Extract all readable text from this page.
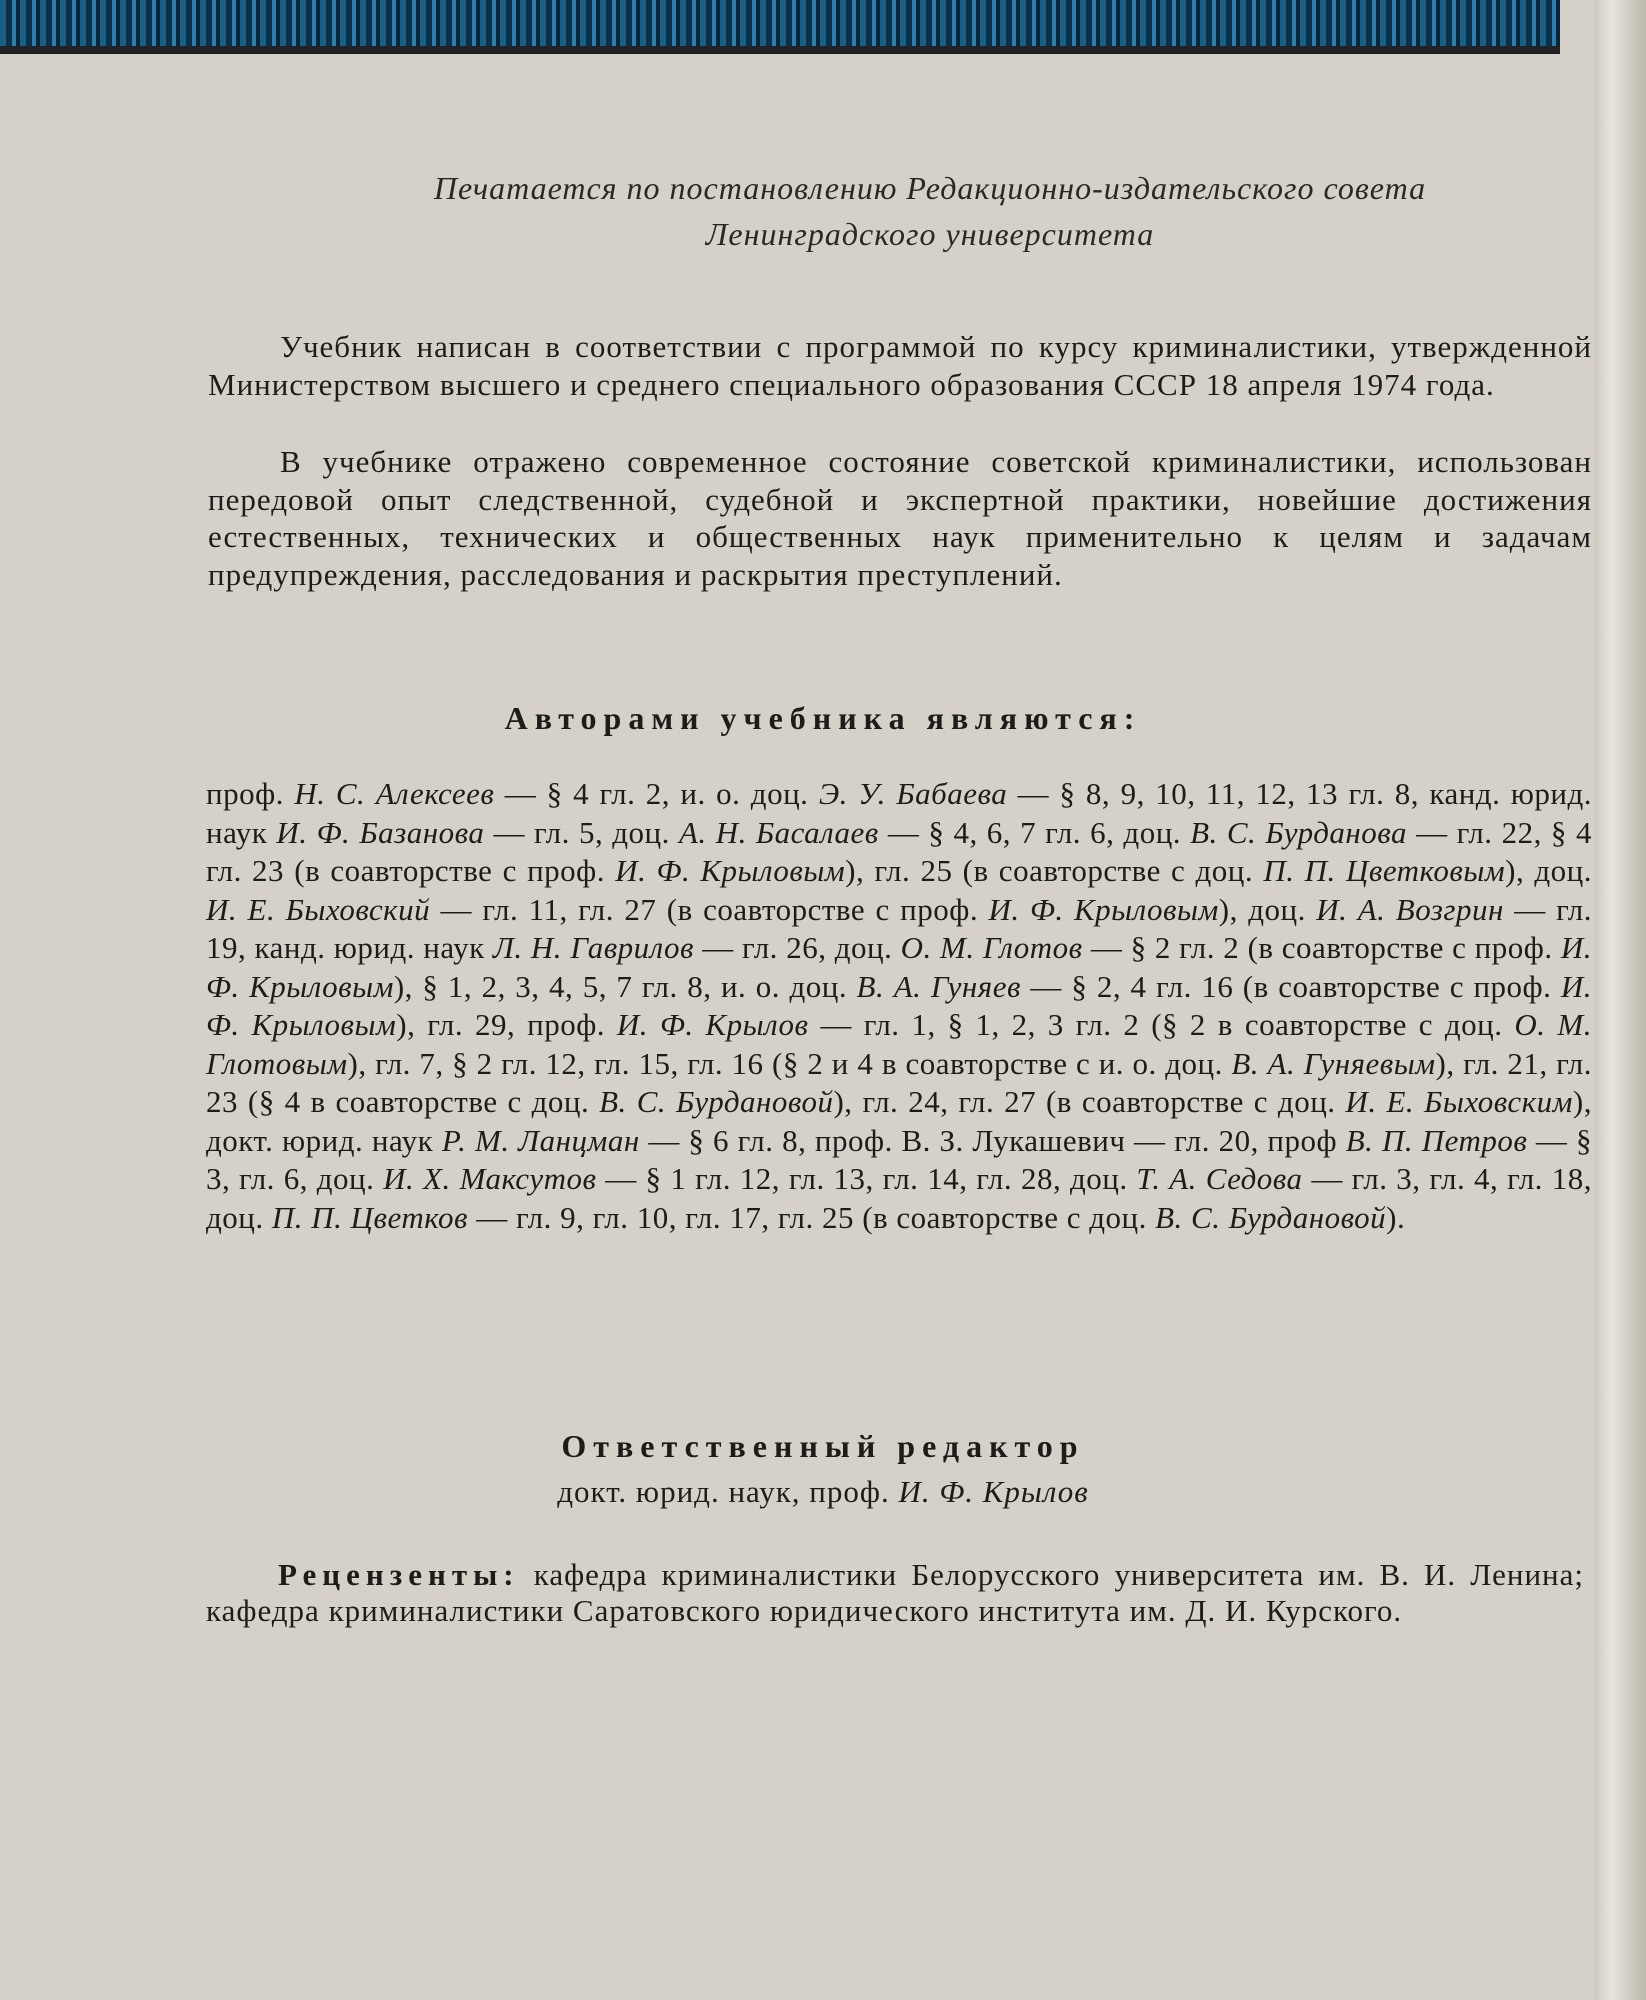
Печатается по постановлению Редакционно-издательского совета
Ленинградского университета
Учебник написан в соответствии с программой по курсу криминалистики, утвержденной Министерством высшего и среднего специального образования СССР 18 апреля 1974 года.
В учебнике отражено современное состояние советской криминалистики, использован передовой опыт следственной, судебной и экспертной практики, новейшие достижения естественных, технических и общественных наук применительно к целям и задачам предупреждения, расследования и раскрытия преступлений.
Авторами учебника являются:
проф. Н. С. Алексеев — § 4 гл. 2, и. о. доц. Э. У. Бабаева — § 8, 9, 10, 11, 12, 13 гл. 8, канд. юрид. наук И. Ф. Базанова — гл. 5, доц. А. Н. Басалаев — § 4, 6, 7 гл. 6, доц. В. С. Бурданова — гл. 22, § 4 гл. 23 (в соавторстве с проф. И. Ф. Крыловым), гл. 25 (в соавторстве с доц. П. П. Цветковым), доц. И. Е. Быховский — гл. 11, гл. 27 (в соавторстве с проф. И. Ф. Крыловым), доц. И. А. Возгрин — гл. 19, канд. юрид. наук Л. Н. Гаврилов — гл. 26, доц. О. М. Глотов — § 2 гл. 2 (в соавторстве с проф. И. Ф. Крыловым), § 1, 2, 3, 4, 5, 7 гл. 8, и. о. доц. В. А. Гуняев — § 2, 4 гл. 16 (в соавторстве с проф. И. Ф. Крыловым), гл. 29, проф. И. Ф. Крылов — гл. 1, § 1, 2, 3 гл. 2 (§ 2 в соавторстве с доц. О. М. Глотовым), гл. 7, § 2 гл. 12, гл. 15, гл. 16 (§ 2 и 4 в соавторстве с и. о. доц. В. А. Гуняевым), гл. 21, гл. 23 (§ 4 в соавторстве с доц. В. С. Бурдановой), гл. 24, гл. 27 (в соавторстве с доц. И. Е. Быховским), докт. юрид. наук Р. М. Ланцман — § 6 гл. 8, проф. В. З. Лукашевич — гл. 20, проф В. П. Петров — § 3, гл. 6, доц. И. Х. Максутов — § 1 гл. 12, гл. 13, гл. 14, гл. 28, доц. Т. А. Седова — гл. 3, гл. 4, гл. 18, доц. П. П. Цветков — гл. 9, гл. 10, гл. 17, гл. 25 (в соавторстве с доц. В. С. Бурдановой).
Ответственный редактор
докт. юрид. наук, проф. И. Ф. Крылов
Рецензенты: кафедра криминалистики Белорусского университета им. В. И. Ленина; кафедра криминалистики Саратовского юридического института им. Д. И. Курского.
